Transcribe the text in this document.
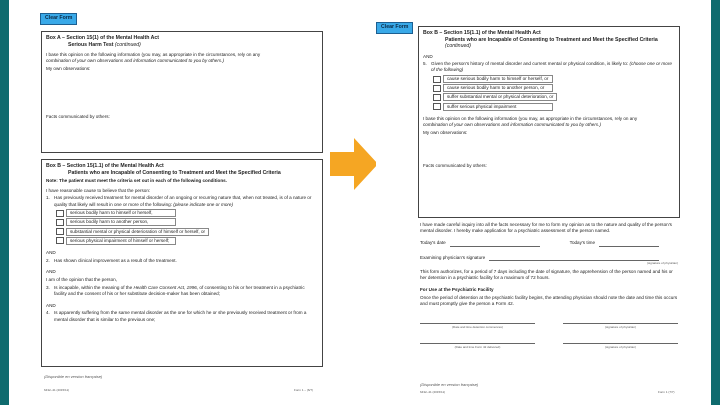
Clear Form
Box A – Section 15(1) of the Mental Health Act
Serious Harm Test (continued)

I base this opinion on the following information (you may, as appropriate in the circumstances, rely on any
combination of your own observations and information communicated to you by others.)

My own observations:

Facts communicated by others:

Box B – Section 15(1.1) of the Mental Health Act
Patients who are Incapable of Consenting to Treatment and Meet the Specified Criteria

Note: The patient must meet the criteria set out in each of the following conditions.

I have reasonable cause to believe that the person:

1. Has previously received treatment for mental disorder of an ongoing or recurring nature that, when not treated, is of a nature or quality that likely will result in one or more of the following: (please indicate one or more)
serious bodily harm to himself or herself,
serious bodily harm to another person,
substantial mental or physical deterioration of himself or herself, or
serious physical impairment of himself or herself;

AND

2. Has shown clinical improvement as a result of the treatment.

AND

I am of the opinion that the person,

3. Is incapable, within the meaning of the Health Care Consent Act, 1996, of consenting to his or her treatment in a psychiatric facility and the consent of his or her substitute decision-maker has been obtained;

AND

4. Is apparently suffering from the same mental disorder as the one for which he or she previously received treatment or from a mental disorder that is similar to the previous one;
(Disponible en version française)
6432–41 (2015/11)	Form 1 – (6/7)
Clear Form
Box B – Section 15(1.1) of the Mental Health Act
Patients who are Incapable of Consenting to Treatment and Meet the Specified Criteria
(continued)

AND

5. Given the person's history of mental disorder and current mental or physical condition, is likely to: (choose one or more of the following)
cause serious bodily harm to himself or herself, or
cause serious bodily harm to another person, or
suffer substantial mental or physical deterioration, or
suffer serious physical impairment

I base this opinion on the following information (you may, as appropriate in the circumstances, rely on any
combination of your own observations and information communicated to you by others.)

My own observations:

Facts communicated by others:

I have made careful inquiry into all the facts necessary for me to form my opinion as to the nature and quality of the person's mental disorder. I hereby make application for a psychiatric assessment of the person named.

Today's date	Today's time
Examining physician's signature
(signature of physician)

This form authorizes, for a period of 7 days including the date of signature, the apprehension of the person named and his or her detention in a psychiatric facility for a maximum of 72 hours.

For Use at the Psychiatric Facility

Once the period of detention at the psychiatric facility begins, the attending physician should note the date and time this occurs and must promptly give the person a Form 42.

(Date and time detention commences)	(signature of physician)
(Date and time Form 42 delivered)	(signature of physician)
(Disponible en version française)
6432–41 (2015/11)	Form 1 (7/7)
